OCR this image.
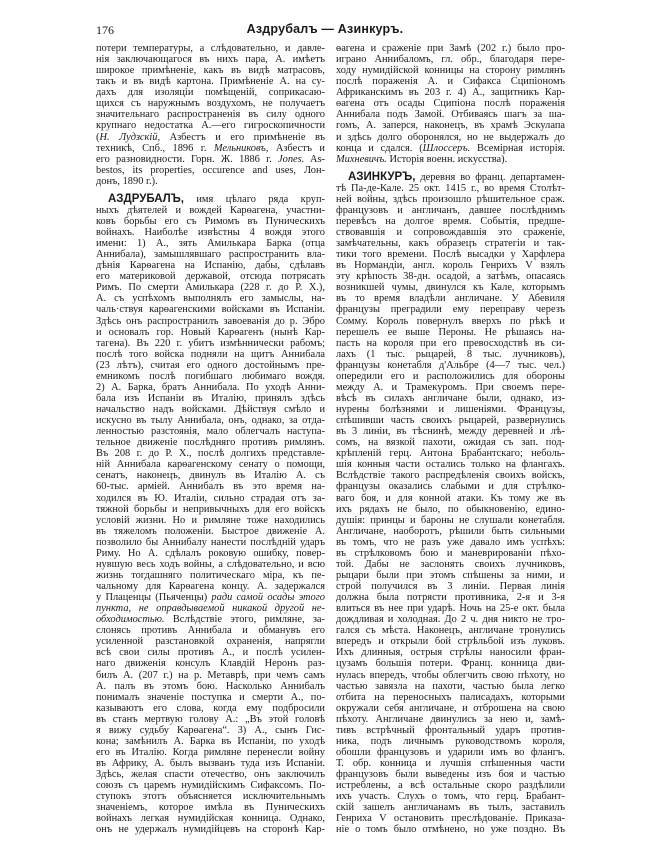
176	Аздрубалъ — Азинкуръ.
потери температуры, а слѣдовательно, и давле-
нія заключающагося въ нихъ пара, А. имѣетъ
широкое примѣненіе, какъ въ видѣ матрасовъ,
такъ и въ видѣ картона. Примѣненіе А. на су-
дахъ для изоляціи помѣщеній, соприкасаю-
щихся съ наружнымъ воздухомъ, не получаетъ
значительнаго распространенія въ силу одного
крупнаго недостатка А.—его гигроскопичности
(Н. Лудзскій, Азбестъ и его примѣненіе въ
техникѣ, Спб., 1896 г. Мельниковъ, Азбестъ и
его разновидности. Горн. Ж. 1886 г. Jones. As-
bestos, its properties, occurence and uses, Лон-
донъ, 1890 г.).
АЗДРУБАЛЪ, имя цѣлаго ряда круп-
ныхъ дѣятелей и вождей Карѳагена, участни-
ковъ борьбы его съ Римомъ въ Пуническихъ
войнахъ. Наиболѣе извѣстны 4 вождя этого
имени: 1) А., зять Амилькара Барка (отца
Аннибала), замышлявшаго распространить вла-
дѣнія Карѳагена на Испанію, дабы, сдѣлавъ
его материковой державой, отсюда потрясать
Римъ. По смерти Амилькара (228 г. до Р. Х.),
А. съ успѣхомъ выполнялъ его замыслы, на-
чаль·ствуя карѳагенскими войсками въ Испаніи.
Здѣсь онъ распространилъ завоеванія до р. Эбро
и основалъ гор. Новый Карѳагенъ (нынѣ Кар-
тагена). Въ 220 г. убитъ измѣннически рабомъ;
послѣ того войска подняли на щитъ Аннибала
(23 лѣтъ), считая его одного достойнымъ пре-
емникомъ послѣ погибшаго любимаго вождя.
2) А. Барка, братъ Аннибала. По уходѣ Анни-
бала изъ Испаніи въ Италію, принялъ здѣсь
начальство надъ войсками. Дѣйствуя смѣло и
искусно въ тылу Аннибала, онъ, однако, за отда-
ленностью разстоянія, мало облегчалъ наступа-
тельное движеніе послѣдняго противъ римлянъ.
Въ 208 г. до Р. Х., послѣ долгихъ представле-
ній Аннибала карѳагенскому сенату о помощи,
сенатъ, наконецъ, двинулъ въ Италію А. съ
60-тыс. арміей. Аннибалъ въ это время на-
ходился въ Ю. Италіи, сильно страдая отъ за-
тяжной борьбы и непривычныхъ для его войскъ
условій жизни. Но и римляне тоже находились
въ тяжеломъ положеніи. Быстрое движеніе А.
позволило бы Аннибалу нанести послѣдній ударъ
Риму. Но А. сдѣлалъ роковую ошибку, повер-
нувшую весь ходъ войны, а слѣдовательно, и всю
жизнь тогдашняго политическаго міра, къ пе-
чальному для Карѳагена концу. А. задержался
у Плаценцы (Пьяченцы) ради самой осады этого
пункта, не оправдываемой никакой другой не-
обходимостью. Вслѣдствіе этого, римляне, за-
слонясь противъ Аннибала и обманувъ его
усиленной разстановкой охраненія, напрягли
всѣ свои силы противъ А., и послѣ усилен-
наго движенія консулъ Клавдій Неронъ раз-
билъ А. (207 г.) на р. Метаврѣ, при чемъ самъ
А. палъ въ этомъ бою. Насколько Аннибалъ
понималъ значеніе поступка и смерти А., по-
казываютъ его слова, когда ему подбросили
въ станъ мертвую голову А.: „Въ этой головѣ
я вижу судьбу Карѳагена“. 3) А., сынъ Гис-
кона; замѣнилъ А. Барка въ Испаніи, по уходѣ
его въ Италію. Когда римляне перенесли войну
въ Африку, А. былъ вызванъ туда изъ Испаніи.
Здѣсь, желая спасти отечество, онъ заключилъ
союзъ съ царемъ нумидійскимъ Сифаксомъ. По-
ступокъ этотъ объясняется исключительнымъ
значеніемъ, которое имѣла въ Пуническихъ
войнахъ легкая нумидійская конница. Однако,
онъ не удержалъ нумидійцевъ на сторонѣ Кар-
ѳагена и сраженіе при Замѣ (202 г.) было про-
играно Аннибаломъ, гл. обр., благодаря пере-
ходу нумидійской конницы на сторону римлянъ
послѣ пораженія А. и Сифакса Сципіономъ
Африканскимъ въ 203 г. 4) А., защитникъ Кар-
ѳагена отъ осады Сципіона послѣ пораженія
Аннибала подъ Замой. Отбиваясь шагъ за ша-
гомъ, А. заперся, наконецъ, въ храмѣ Эскулапа
и здѣсь долго оборонялся, но не выдержалъ до
конца и сдался. (Шлоссеръ. Всемірная исторія.
Михневичъ. Исторія военн. искусства).
АЗИНКУРЪ, деревня во франц. департамен-
тѣ Па-де-Кале. 25 окт. 1415 г., во время Столѣт-
ней войны, здѣсь произошло рѣшительное сраж.
французовъ и англичанъ, давшее послѣднимъ
перевѣсъ на долгое время. Событія, предше-
ствовавшія и сопровождавшія это сраженіе,
замѣчательны, какъ образецъ стратегіи и так-
тики того времени. Послѣ высадки у Харфлера
въ Нормандіи, англ. король Генрихъ V взялъ
эту крѣпость 38-дн. осадой, а затѣмъ, опасаясь
возникшей чумы, двинулся къ Кале, которымъ
въ то время владѣли англичане. У Абевиля
французы преградили ему переправу черезъ
Сомму. Король повернулъ вверхъ по рѣкѣ и
перешелъ ее выше Пероны. Не рѣшаясь на-
пасть на короля при его превосходствѣ въ си-
лахъ (1 тыс. рыцарей, 8 тыс. лучниковъ),
французы конетабля д'Альбре (4—7 тыс. чел.)
опередили его и расположились для обороны
между А. и Трамекуромъ. При своемъ пере-
вѣсѣ въ силахъ англичане были, однако, из-
нурены болѣзнями и лишеніями. Французы,
спѣшивши часть своихъ рыцарей, развернулись
въ 3 линіи, въ тѣснинѣ, между деревней и лѣ-
сомъ, на вязкой пахоти, ожидая съ зап. под-
крѣпленій герц. Антона Брабантскаго; неболь-
шія конныя части остались только на флангахъ.
Вслѣдствіе такого распредѣленія своихъ войскъ,
французы оказались слабыми и для стрѣлко-
ваго боя, и для конной атаки. Къ тому же въ
ихъ рядахъ не было, по обыкновенію, едино-
душія: принцы и бароны не слушали конетабля.
Англичане, наоборотъ, рѣшили быть сильными
въ томъ, что не разъ уже давало имъ успѣхъ:
въ стрѣлковомъ бою и маневрированіи пѣхо-
той. Дабы не заслонять своихъ лучниковъ,
рыцари были при этомъ спѣшены за ними, и
строй получился въ 3 линіи. Первая линія
должна была потрясти противника, 2-я и 3-я
влиться въ нее при ударѣ. Ночь на 25-е окт. была
дождливая и холодная. До 2 ч. дня никто не тро-
гался съ мѣста. Наконецъ, англичане тронулись
впередъ и открыли бой стрѣльбой изъ луковъ.
Ихъ длинныя, острыя стрѣлы наносили фран-
цузамъ большія потери. Франц. конница дви-
нулась впередъ, чтобы облегчить свою пѣхоту, но
частью завязла на пахоти, частью была легко
отбита на переносныхъ палисадахъ, которыми
окружали себя англичане, и отброшена на свою
пѣхоту. Англичане двинулись за нею и, замѣ-
тивъ встрѣчный фронтальный ударъ против-
ника, подъ личнымъ руководствомъ короля,
обошли французовъ и ударили имъ во флангъ.
Т. обр. конница и лучшія спѣшенныя части
французовъ были выведены изъ боя и частью
истреблены, а всѣ остальные скоро раздѣлили
ихъ участь. Слухъ о томъ, что герц. Брабант-
скій зашелъ англичанамъ въ тылъ, заставилъ
Генриха V остановить преслѣдованіе. Приказа-
ніе о томъ было отмѣнено, но уже поздно. Въ
